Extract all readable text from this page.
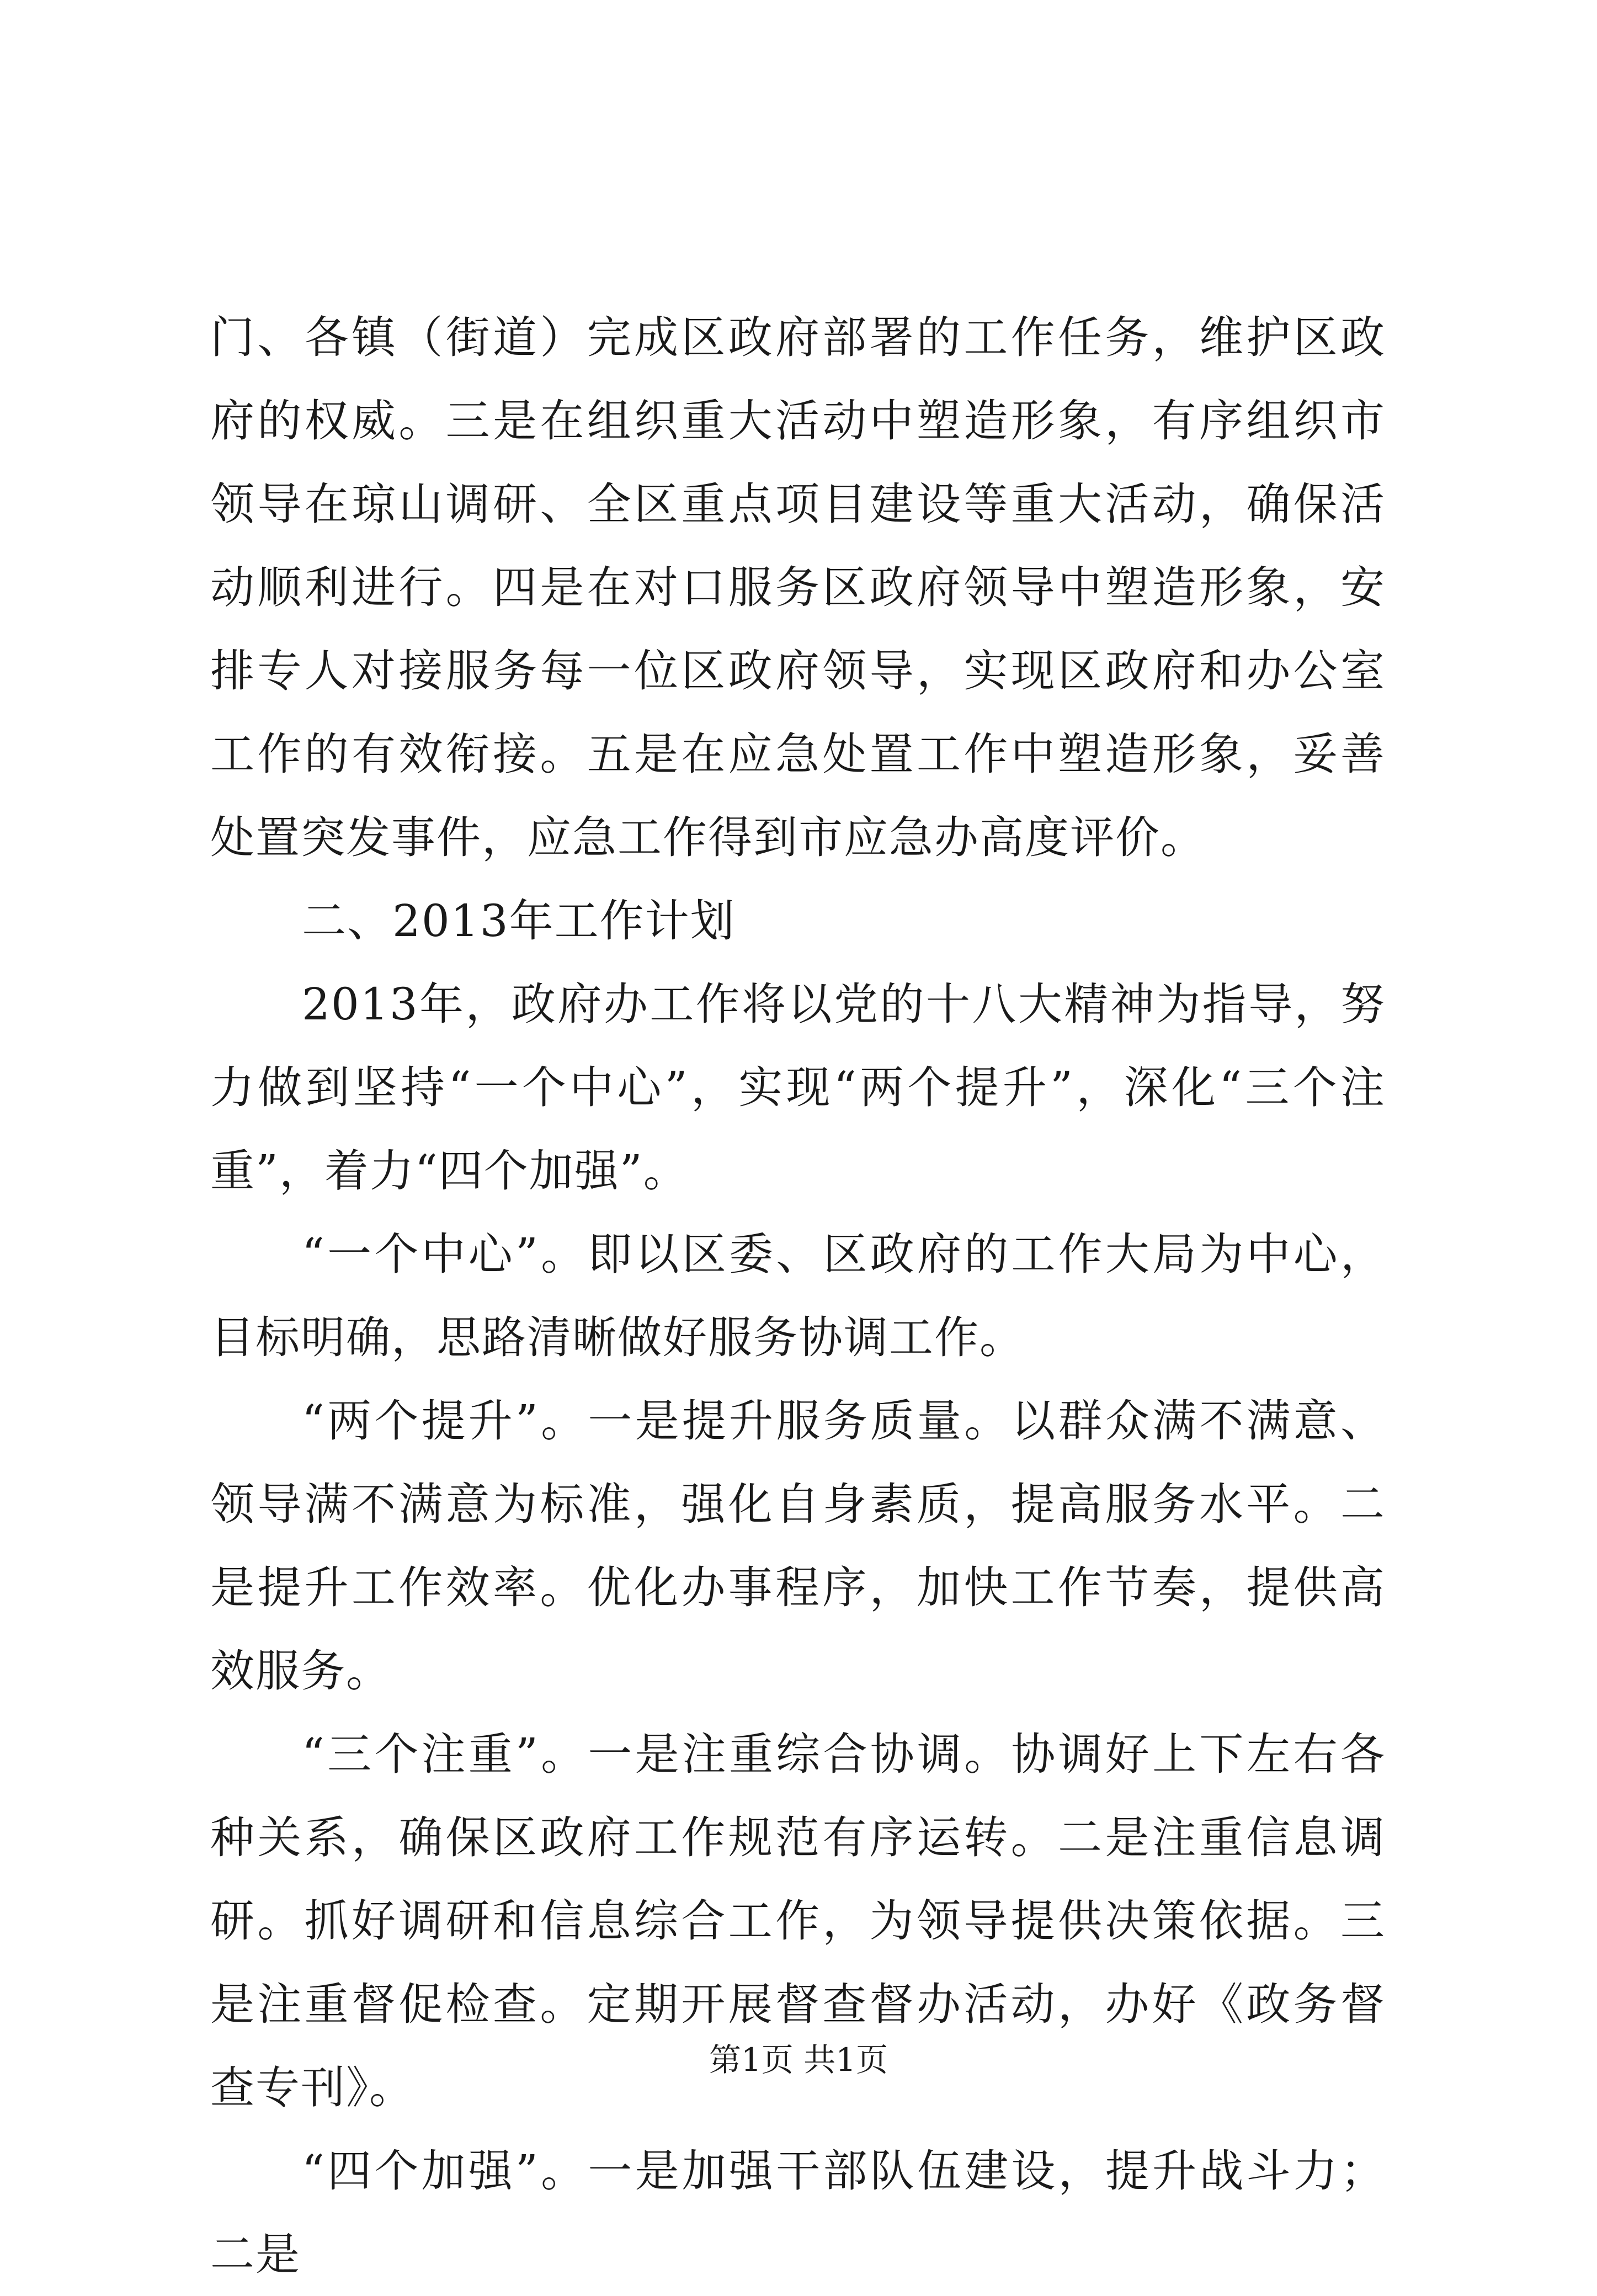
门、各镇（街道）完成区政府部署的工作任务，维护区政府的权威。三是在组织重大活动中塑造形象，有序组织市领导在琼山调研、全区重点项目建设等重大活动，确保活动顺利进行。四是在对口服务区政府领导中塑造形象，安排专人对接服务每一位区政府领导，实现区政府和办公室工作的有效衔接。五是在应急处置工作中塑造形象，妥善处置突发事件，应急工作得到市应急办高度评价。

二、2013年工作计划

2013年，政府办工作将以党的十八大精神为指导，努力做到坚持“一个中心”，实现“两个提升”，深化“三个注重”，着力“四个加强”。

“一个中心”。即以区委、区政府的工作大局为中心，目标明确，思路清晰做好服务协调工作。

“两个提升”。一是提升服务质量。以群众满不满意、领导满不满意为标准，强化自身素质，提高服务水平。二是提升工作效率。优化办事程序，加快工作节奏，提供高效服务。

“三个注重”。一是注重综合协调。协调好上下左右各种关系，确保区政府工作规范有序运转。二是注重信息调研。抓好调研和信息综合工作，为领导提供决策依据。三是注重督促检查。定期开展督查督办活动，办好《政务督查专刊》。

“四个加强”。一是加强干部队伍建设，提升战斗力；二是

第1页 共1页
